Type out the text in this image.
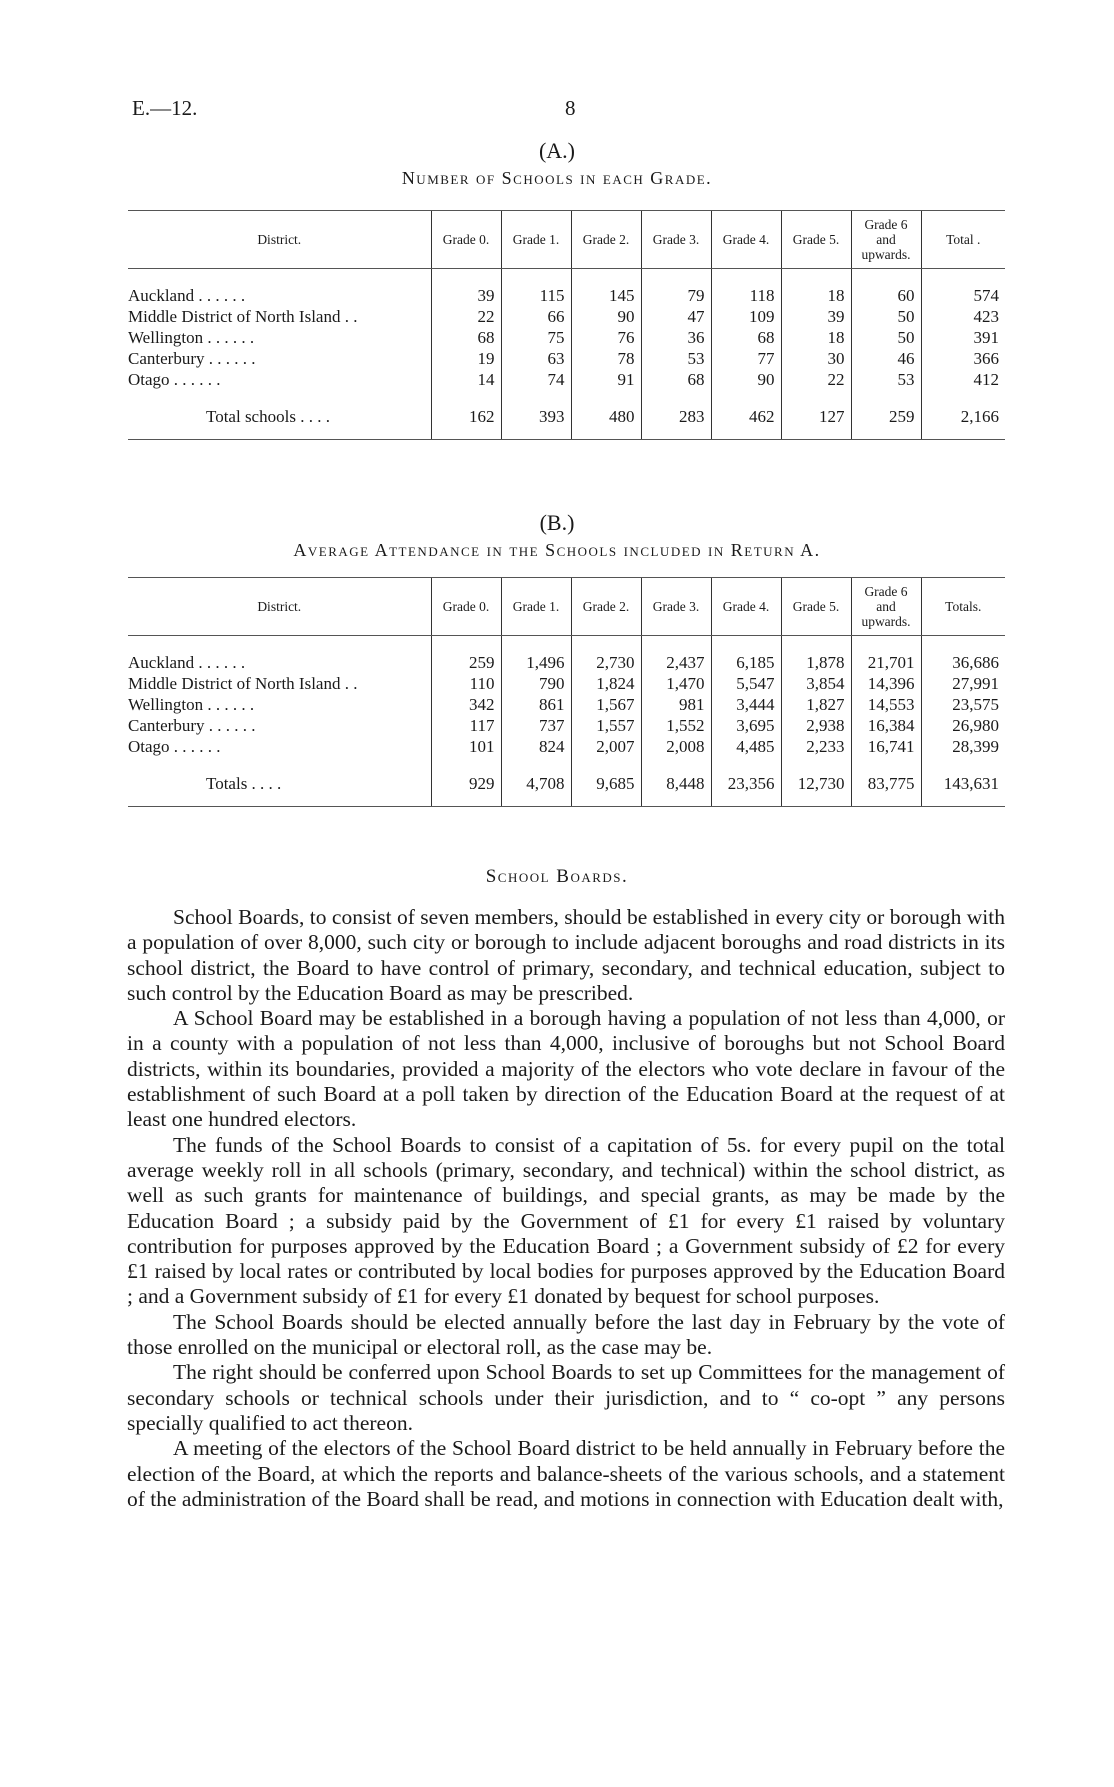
E.—12.	8
(A.)
Number of Schools in each Grade.
District.	Grade 0.	Grade 1.	Grade 2.	Grade 3.	Grade 4.	Grade 5.	Grade 6 and upwards.	Total .

Auckland . . . . . .	39	115	145	79	118	18	60	574
Middle District of North Island . .	22	66	90	47	109	39	50	423
Wellington . . . . . .	68	75	76	36	68	18	50	391
Canterbury . . . . . .	19	63	78	53	77	30	46	366
Otago . . . . . .	14	74	91	68	90	22	53	412

Total schools . . . .	162	393	480	283	462	127	259	2,166
(B.)
Average Attendance in the Schools included in Return A.
District.	Grade 0.	Grade 1.	Grade 2.	Grade 3.	Grade 4.	Grade 5.	Grade 6 and upwards.	Totals.

Auckland . . . . . .	259	1,496	2,730	2,437	6,185	1,878	21,701	36,686
Middle District of North Island . .	110	790	1,824	1,470	5,547	3,854	14,396	27,991
Wellington . . . . . .	342	861	1,567	981	3,444	1,827	14,553	23,575
Canterbury . . . . . .	117	737	1,557	1,552	3,695	2,938	16,384	26,980
Otago . . . . . .	101	824	2,007	2,008	4,485	2,233	16,741	28,399

Totals . . . .	929	4,708	9,685	8,448	23,356	12,730	83,775	143,631
School Boards.

School Boards, to consist of seven members, should be established in every city or borough with a population of over 8,000, such city or borough to include adjacent boroughs and road districts in its school district, the Board to have control of primary, secondary, and technical education, subject to such control by the Education Board as may be prescribed.

A School Board may be established in a borough having a population of not less than 4,000, or in a county with a population of not less than 4,000, inclusive of boroughs but not School Board districts, within its boundaries, provided a majority of the electors who vote declare in favour of the establishment of such Board at a poll taken by direction of the Education Board at the request of at least one hundred electors.

The funds of the School Boards to consist of a capitation of 5s. for every pupil on the total average weekly roll in all schools (primary, secondary, and technical) within the school district, as well as such grants for maintenance of buildings, and special grants, as may be made by the Education Board ; a subsidy paid by the Government of £1 for every £1 raised by voluntary contribution for purposes approved by the Education Board ; a Government subsidy of £2 for every £1 raised by local rates or contributed by local bodies for purposes approved by the Education Board ; and a Government subsidy of £1 for every £1 donated by bequest for school purposes.

The School Boards should be elected annually before the last day in February by the vote of those enrolled on the municipal or electoral roll, as the case may be.

The right should be conferred upon School Boards to set up Committees for the management of secondary schools or technical schools under their jurisdiction, and to “ co-opt ” any persons specially qualified to act thereon.

A meeting of the electors of the School Board district to be held annually in February before the election of the Board, at which the reports and balance-sheets of the various schools, and a statement of the administration of the Board shall be read, and motions in connection with Education dealt with,
